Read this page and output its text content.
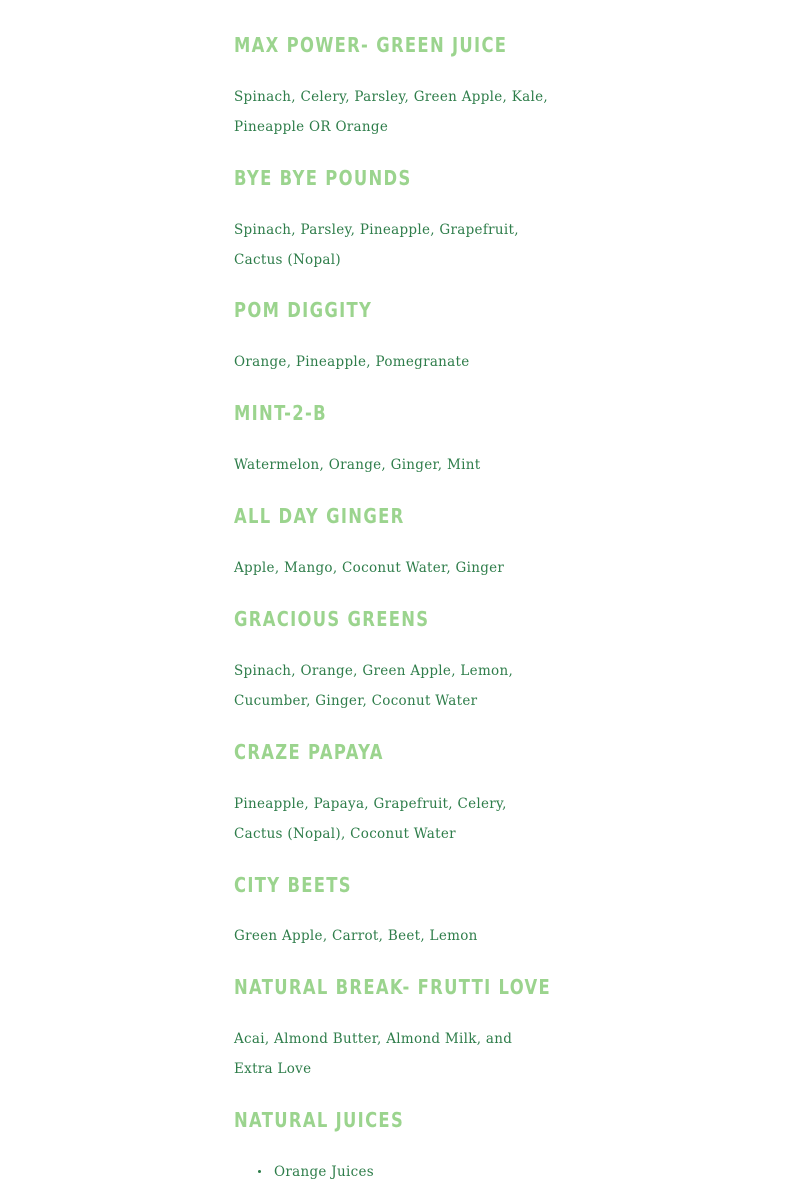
MAX POWER- GREEN JUICE

Spinach, Celery, Parsley, Green Apple, Kale,
Pineapple OR Orange

BYE BYE POUNDS

Spinach, Parsley, Pineapple, Grapefruit,
Cactus (Nopal)

POM DIGGITY

Orange, Pineapple, Pomegranate

MINT-2-B

Watermelon, Orange, Ginger, Mint

ALL DAY GINGER

Apple, Mango, Coconut Water, Ginger

GRACIOUS GREENS

Spinach, Orange, Green Apple, Lemon,
Cucumber, Ginger, Coconut Water

CRAZE PAPAYA

Pineapple, Papaya, Grapefruit, Celery,
Cactus (Nopal), Coconut Water

CITY BEETS

Green Apple, Carrot, Beet, Lemon

NATURAL BREAK- FRUTTI LOVE

Acai, Almond Butter, Almond Milk, and
Extra Love

NATURAL JUICES
Orange Juices
